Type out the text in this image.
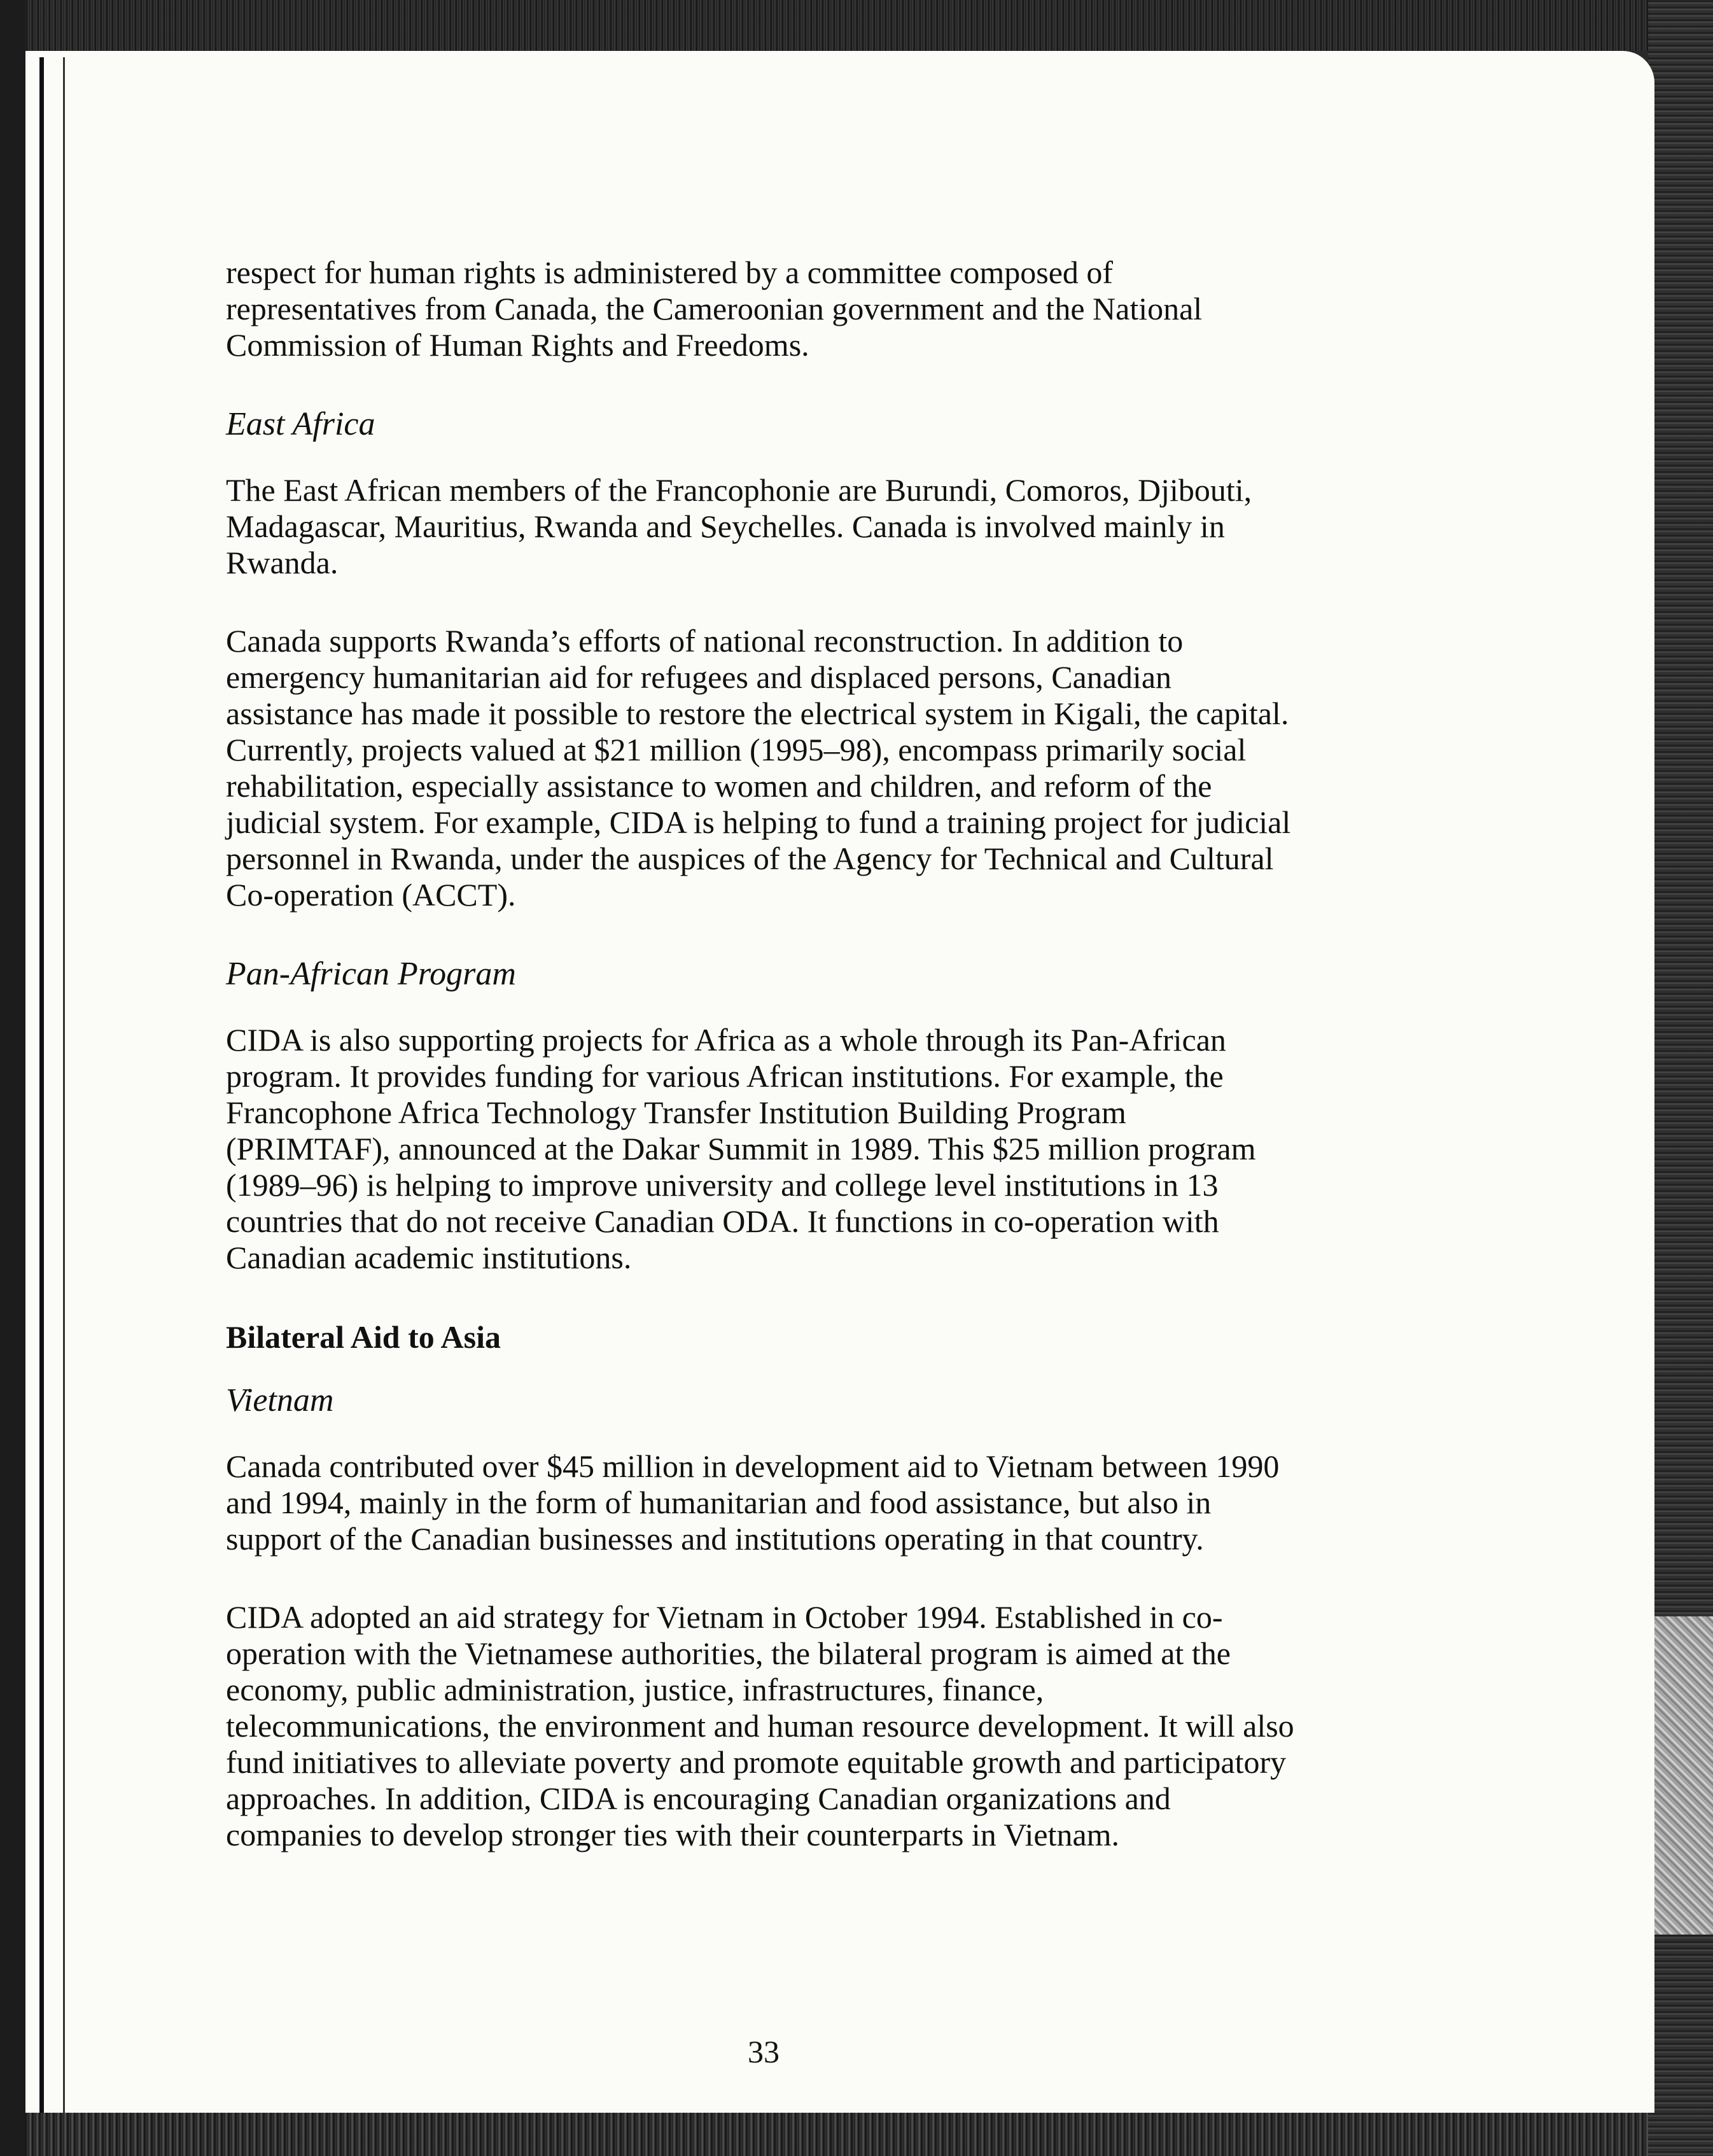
respect for human rights is administered by a committee composed of representatives from Canada, the Cameroonian government and the National Commission of Human Rights and Freedoms.

East Africa

The East African members of the Francophonie are Burundi, Comoros, Djibouti, Madagascar, Mauritius, Rwanda and Seychelles. Canada is involved mainly in Rwanda.

Canada supports Rwanda’s efforts of national reconstruction. In addition to emergency humanitarian aid for refugees and displaced persons, Canadian assistance has made it possible to restore the electrical system in Kigali, the capital. Currently, projects valued at $21 million (1995–98), encompass primarily social rehabilitation, especially assistance to women and children, and reform of the judicial system. For example, CIDA is helping to fund a training project for judicial personnel in Rwanda, under the auspices of the Agency for Technical and Cultural Co-operation (ACCT).

Pan-African Program

CIDA is also supporting projects for Africa as a whole through its Pan-African program. It provides funding for various African institutions. For example, the Francophone Africa Technology Transfer Institution Building Program (PRIMTAF), announced at the Dakar Summit in 1989. This $25 million program (1989–96) is helping to improve university and college level institutions in 13 countries that do not receive Canadian ODA. It functions in co-operation with Canadian academic institutions.

Bilateral Aid to Asia
Vietnam

Canada contributed over $45 million in development aid to Vietnam between 1990 and 1994, mainly in the form of humanitarian and food assistance, but also in support of the Canadian businesses and institutions operating in that country.

CIDA adopted an aid strategy for Vietnam in October 1994. Established in co-operation with the Vietnamese authorities, the bilateral program is aimed at the economy, public administration, justice, infrastructures, finance, telecommunications, the environment and human resource development. It will also fund initiatives to alleviate poverty and promote equitable growth and participatory approaches. In addition, CIDA is encouraging Canadian organizations and companies to develop stronger ties with their counterparts in Vietnam.

33
